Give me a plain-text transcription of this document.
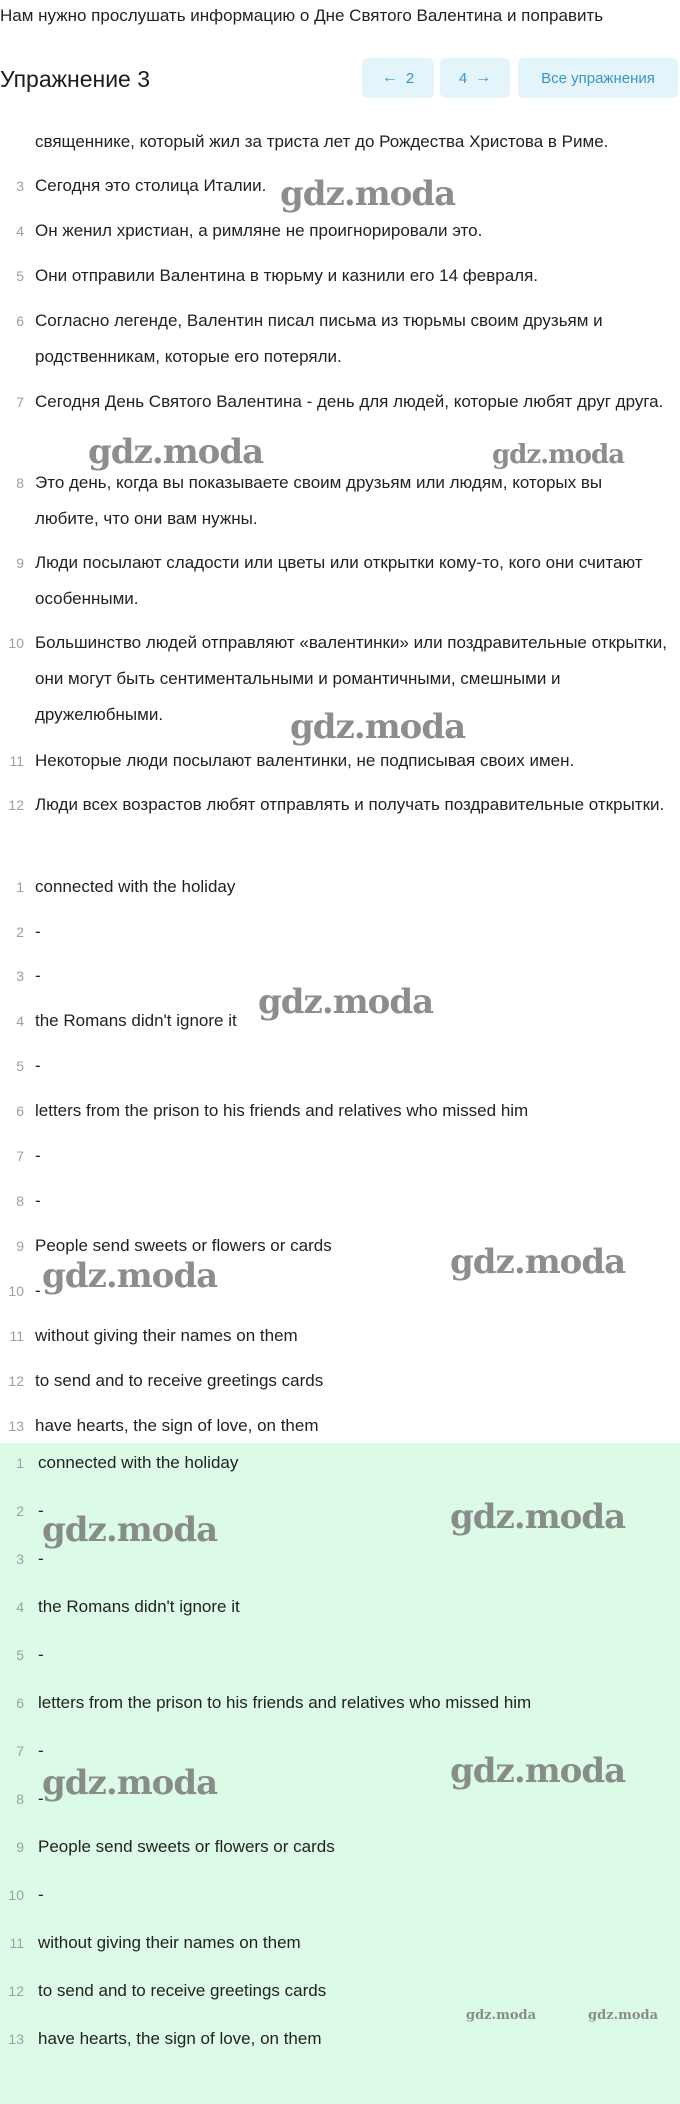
Нам нужно прослушать информацию о Дне Святого Валентина и поправить
Упражнение 3	← 2	4 →	Все упражнения
священнике, который жил за триста лет до Рождества Христова в Риме.
3 Сегодня это столица Италии.
4 Он женил христиан, а римляне не проигнорировали это.
5 Они отправили Валентина в тюрьму и казнили его 14 февраля.
6 Согласно легенде, Валентин писал письма из тюрьмы своим друзьям и родственникам, которые его потеряли.
7 Сегодня День Святого Валентина - день для людей, которые любят друг друга.
8 Это день, когда вы показываете своим друзьям или людям, которых вы любите, что они вам нужны.
9 Люди посылают сладости или цветы или открытки кому-то, кого они считают особенными.
10 Большинство людей отправляют «валентинки» или поздравительные открытки, они могут быть сентиментальными и романтичными, смешными и дружелюбными.
11 Некоторые люди посылают валентинки, не подписывая своих имен.
12 Люди всех возрастов любят отправлять и получать поздравительные открытки.
1 connected with the holiday
2 -
3 -
4 the Romans didn't ignore it
5 -
6 letters from the prison to his friends and relatives who missed him
7 -
8 -
9 People send sweets or flowers or cards
10 -
11 without giving their names on them
12 to send and to receive greetings cards
13 have hearts, the sign of love, on them
1 connected with the holiday
2 -
3 -
4 the Romans didn't ignore it
5 -
6 letters from the prison to his friends and relatives who missed him
7 -
8 -
9 People send sweets or flowers or cards
10 -
11 without giving their names on them
12 to send and to receive greetings cards
13 have hearts, the sign of love, on them
gdz.moda
gdz.moda	gdz.moda
gdz.moda
gdz.moda
gdz.moda
gdz.moda
gdz.moda
gdz.moda
gdz.moda
gdz.moda
gdz.moda	gdz.moda
